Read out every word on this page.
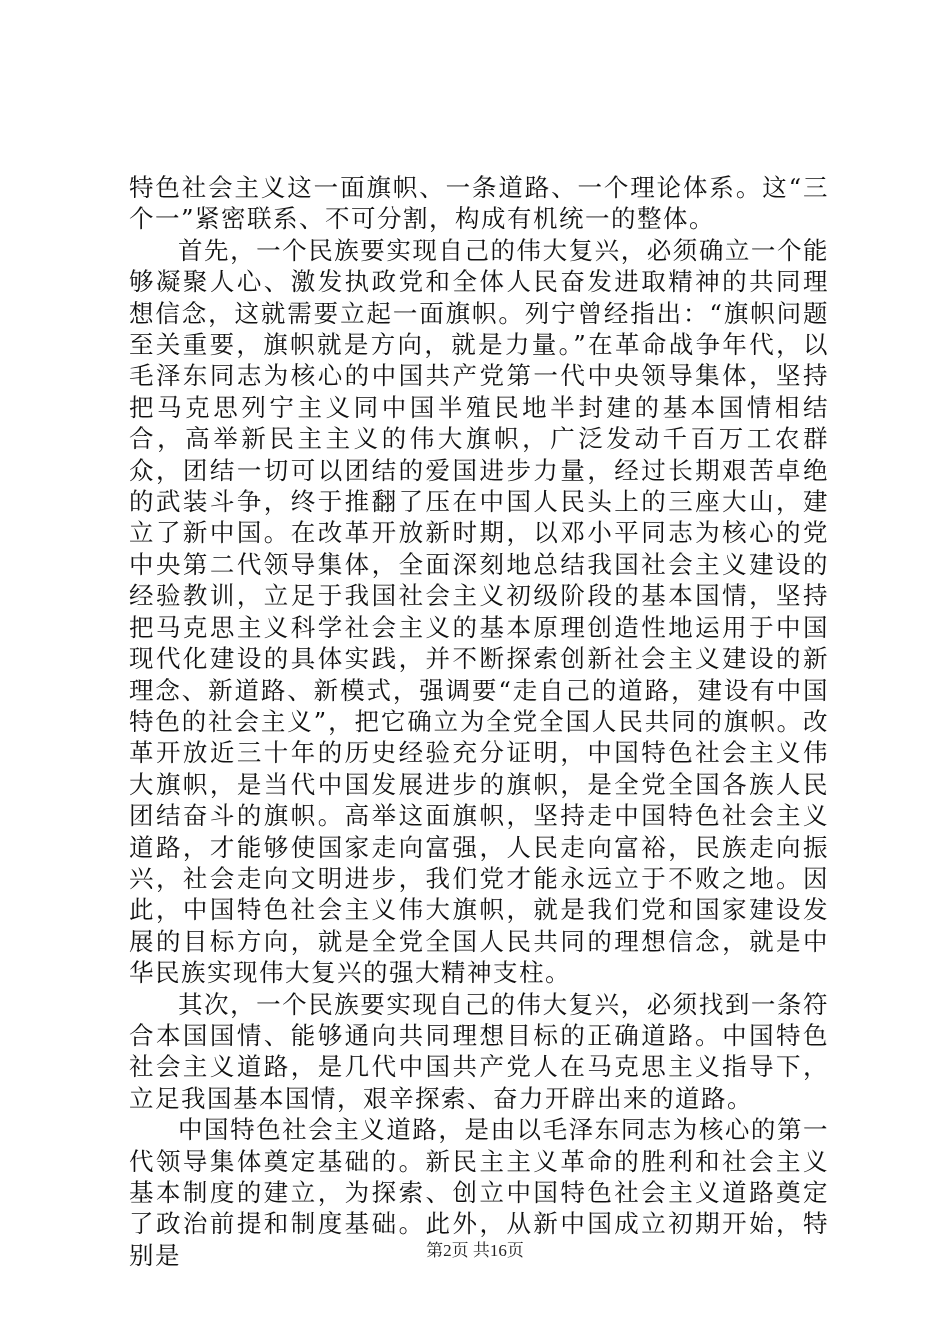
特色社会主义这一面旗帜、一条道路、一个理论体系。这“三个一”紧密联系、不可分割，构成有机统一的整体。

首先，一个民族要实现自己的伟大复兴，必须确立一个能够凝聚人心、激发执政党和全体人民奋发进取精神的共同理想信念，这就需要立起一面旗帜。列宁曾经指出：“旗帜问题至关重要，旗帜就是方向，就是力量。”在革命战争年代，以毛泽东同志为核心的中国共产党第一代中央领导集体，坚持把马克思列宁主义同中国半殖民地半封建的基本国情相结合，高举新民主主义的伟大旗帜，广泛发动千百万工农群众，团结一切可以团结的爱国进步力量，经过长期艰苦卓绝的武装斗争，终于推翻了压在中国人民头上的三座大山，建立了新中国。在改革开放新时期，以邓小平同志为核心的党中央第二代领导集体，全面深刻地总结我国社会主义建设的经验教训，立足于我国社会主义初级阶段的基本国情，坚持把马克思主义科学社会主义的基本原理创造性地运用于中国现代化建设的具体实践，并不断探索创新社会主义建设的新理念、新道路、新模式，强调要“走自己的道路，建设有中国特色的社会主义”，把它确立为全党全国人民共同的旗帜。改革开放近三十年的历史经验充分证明，中国特色社会主义伟大旗帜，是当代中国发展进步的旗帜，是全党全国各族人民团结奋斗的旗帜。高举这面旗帜，坚持走中国特色社会主义道路，才能够使国家走向富强，人民走向富裕，民族走向振兴，社会走向文明进步，我们党才能永远立于不败之地。因此，中国特色社会主义伟大旗帜，就是我们党和国家建设发展的目标方向，就是全党全国人民共同的理想信念，就是中华民族实现伟大复兴的强大精神支柱。

其次，一个民族要实现自己的伟大复兴，必须找到一条符合本国国情、能够通向共同理想目标的正确道路。中国特色社会主义道路，是几代中国共产党人在马克思主义指导下，立足我国基本国情，艰辛探索、奋力开辟出来的道路。

中国特色社会主义道路，是由以毛泽东同志为核心的第一代领导集体奠定基础的。新民主主义革命的胜利和社会主义基本制度的建立，为探索、创立中国特色社会主义道路奠定了政治前提和制度基础。此外，从新中国成立初期开始，特别是	第2页 共16页
